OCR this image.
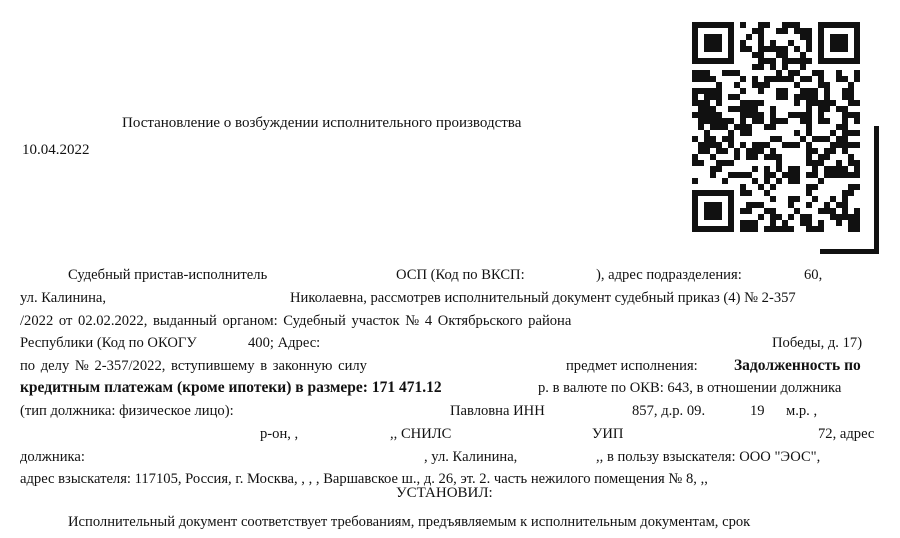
Постановление о возбуждении исполнительного производства
10.04.2022
Судебный пристав-исполнитель	ОСП (Код по ВКСП:	), адрес подразделения:	60,
ул. Калинина,	Николаевна, рассмотрев исполнительный документ судебный приказ (4) № 2-357
/2022 от 02.02.2022, выданный органом: Судебный участок № 4 Октябрьского района
Республики (Код по ОКОГУ	400; Адрес:	Победы, д. 17)
по делу № 2-357/2022, вступившему в законную силу	предмет исполнения: Задолженность по
кредитным платежам (кроме ипотеки) в размере: 171 471.12	р. в валюте по ОКВ: 643, в отношении должника
(тип должника: физическое лицо):	Павловна ИНН	857, д.р. 09.	19 м.р. ,
р-он, ,	,, СНИЛС	УИП	72, адрес
должника:	, ул. Калинина,	,, в пользу взыскателя: ООО "ЭОС",
адрес взыскателя: 117105, Россия, г. Москва, , , , Варшавское ш., д. 26, эт. 2. часть нежилого помещения № 8, ,,
УСТАНОВИЛ:
Исполнительный документ соответствует требованиям, предъявляемым к исполнительным документам, срок
